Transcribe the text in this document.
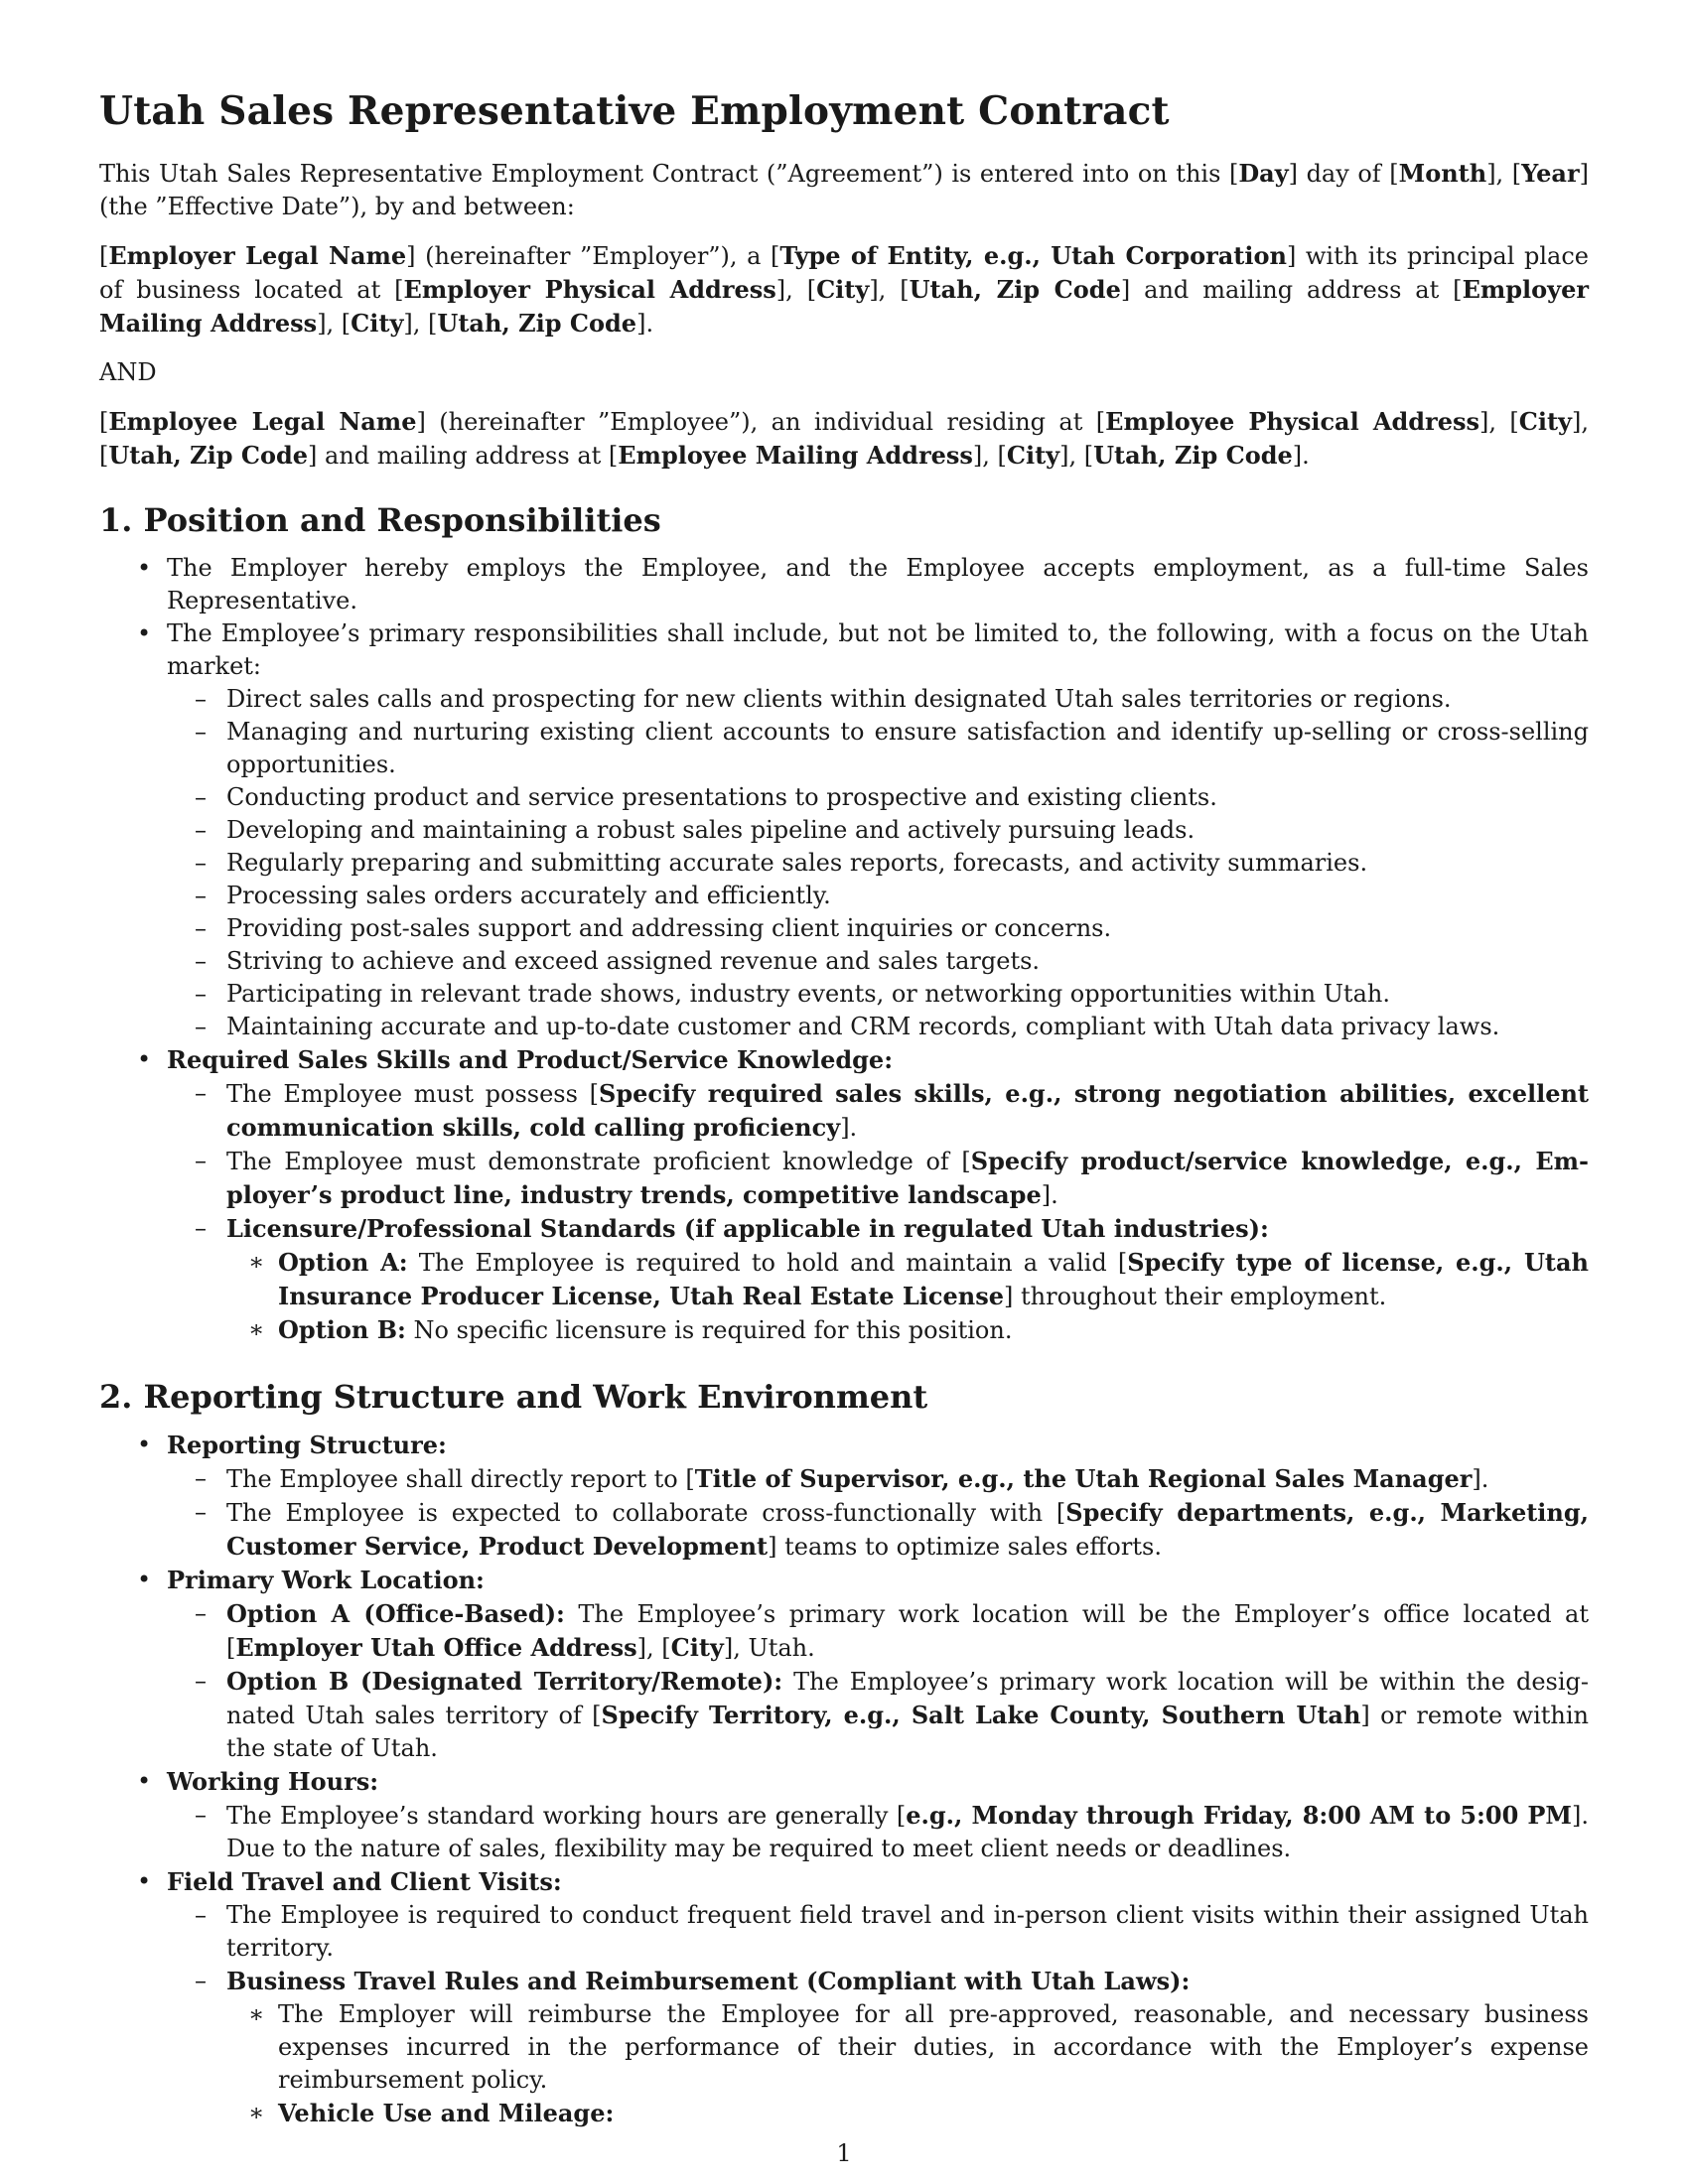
Utah Sales Representative Employment Contract

This Utah Sales Representative Employment Contract (”Agreement”) is entered into on this [Day] day of [Month], [Year] (the ”Effective Date”), by and between:

[Employer Legal Name] (hereinafter ”Employer”), a [Type of Entity, e.g., Utah Corporation] with its principal place of business located at [Employer Physical Address], [City], [Utah, Zip Code] and mailing address at [Employer Mailing Address], [City], [Utah, Zip Code].

AND

[Employee Legal Name] (hereinafter ”Employee”), an individual residing at [Employee Physical Address], [City], [Utah, Zip Code] and mailing address at [Employee Mailing Address], [City], [Utah, Zip Code].

1. Position and Responsibilities
• The Employer hereby employs the Employee, and the Employee accepts employment, as a full-time Sales Representative.
• The Employee’s primary responsibilities shall include, but not be limited to, the following, with a focus on the Utah market:
– Direct sales calls and prospecting for new clients within designated Utah sales territories or regions.
– Managing and nurturing existing client accounts to ensure satisfaction and identify up-selling or cross-selling opportunities.
– Conducting product and service presentations to prospective and existing clients.
– Developing and maintaining a robust sales pipeline and actively pursuing leads.
– Regularly preparing and submitting accurate sales reports, forecasts, and activity summaries.
– Processing sales orders accurately and efficiently.
– Providing post-sales support and addressing client inquiries or concerns.
– Striving to achieve and exceed assigned revenue and sales targets.
– Participating in relevant trade shows, industry events, or networking opportunities within Utah.
– Maintaining accurate and up-to-date customer and CRM records, compliant with Utah data privacy laws.
• Required Sales Skills and Product/Service Knowledge:
– The Employee must possess [Specify required sales skills, e.g., strong negotiation abilities, excellent communication skills, cold calling proficiency].
– The Employee must demonstrate proficient knowledge of [Specify product/service knowledge, e.g., Employer’s product line, industry trends, competitive landscape].
– Licensure/Professional Standards (if applicable in regulated Utah industries):
∗ Option A: The Employee is required to hold and maintain a valid [Specify type of license, e.g., Utah Insurance Producer License, Utah Real Estate License] throughout their employment.
∗ Option B: No specific licensure is required for this position.
2. Reporting Structure and Work Environment
• Reporting Structure:
– The Employee shall directly report to [Title of Supervisor, e.g., the Utah Regional Sales Manager].
– The Employee is expected to collaborate cross-functionally with [Specify departments, e.g., Marketing, Customer Service, Product Development] teams to optimize sales efforts.
• Primary Work Location:
– Option A (Office-Based): The Employee’s primary work location will be the Employer’s office located at [Employer Utah Office Address], [City], Utah.
– Option B (Designated Territory/Remote): The Employee’s primary work location will be within the designated Utah sales territory of [Specify Territory, e.g., Salt Lake County, Southern Utah] or remote within the state of Utah.
• Working Hours:
– The Employee’s standard working hours are generally [e.g., Monday through Friday, 8:00 AM to 5:00 PM]. Due to the nature of sales, flexibility may be required to meet client needs or deadlines.
• Field Travel and Client Visits:
– The Employee is required to conduct frequent field travel and in-person client visits within their assigned Utah territory.
– Business Travel Rules and Reimbursement (Compliant with Utah Laws):
∗ The Employer will reimburse the Employee for all pre-approved, reasonable, and necessary business expenses incurred in the performance of their duties, in accordance with the Employer’s expense reimbursement policy.
∗ Vehicle Use and Mileage:
1
